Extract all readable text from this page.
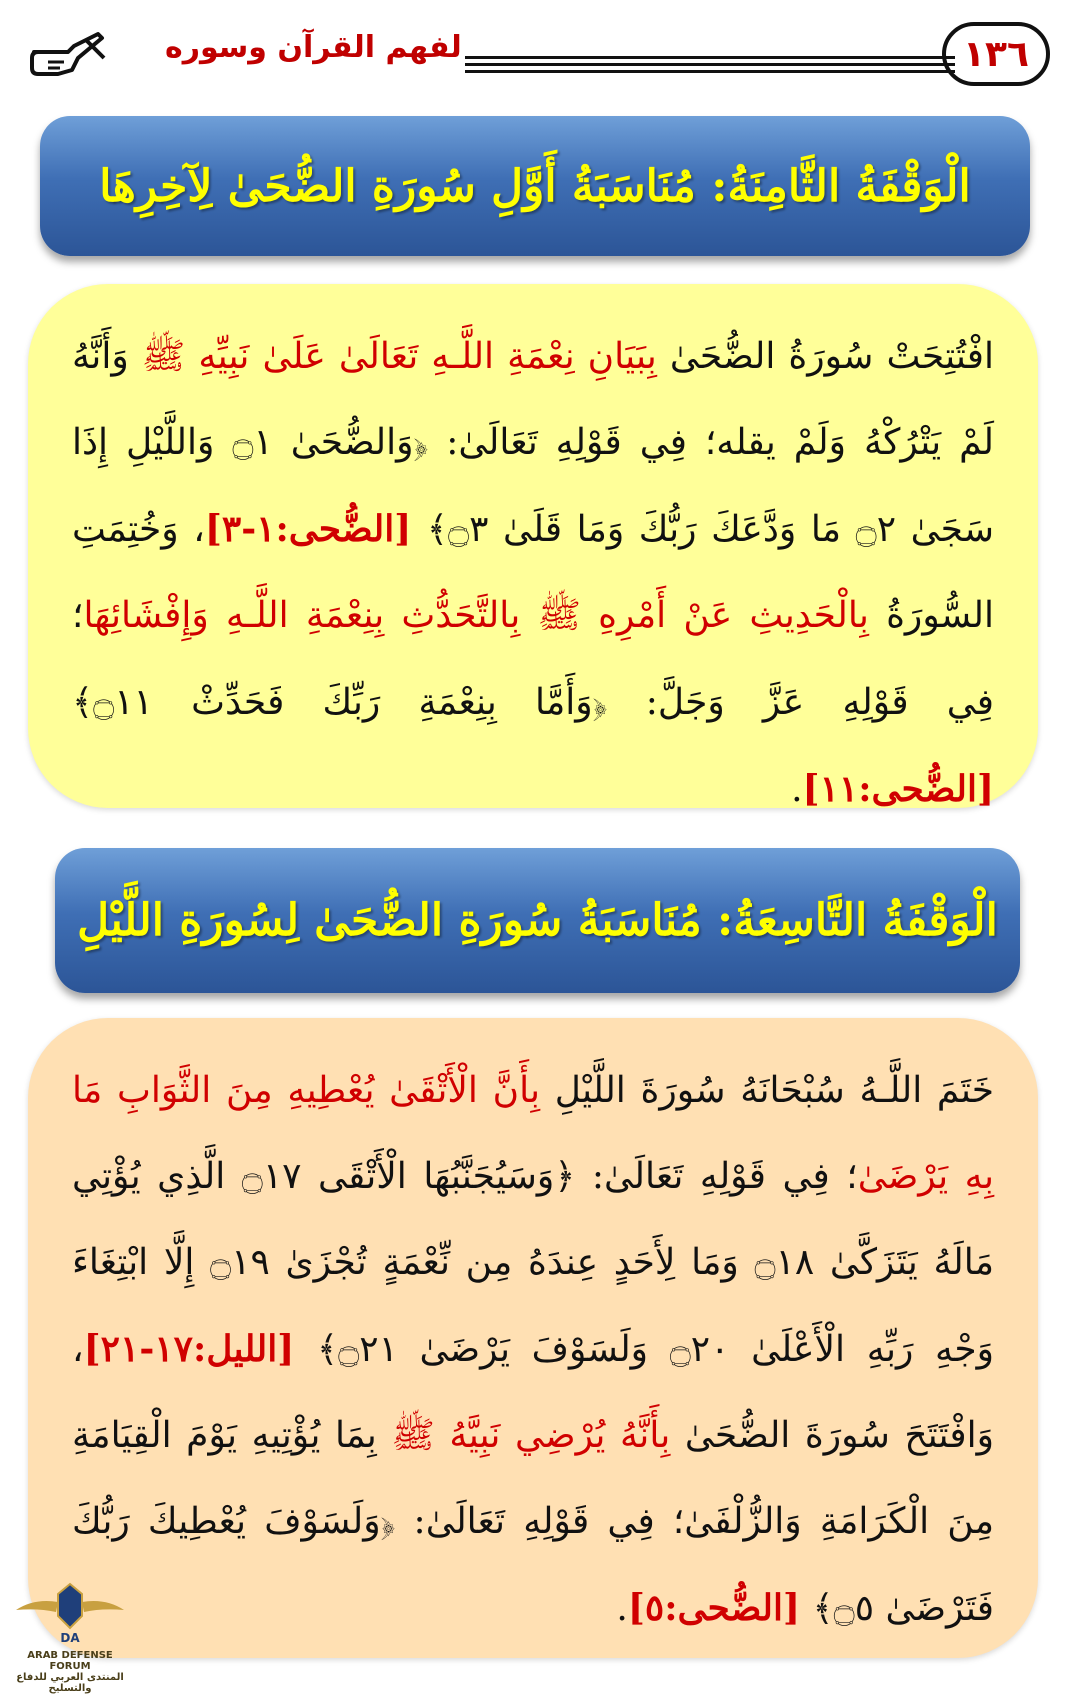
١٣٦
لفهم القرآن وسوره
الْوَقْفَةُ الثَّامِنَةُ: مُنَاسَبَةُ أَوَّلِ سُورَةِ الضُّحَىٰ لِآخِرِهَا
افْتُتِحَتْ سُورَةُ الضُّحَىٰ بِبَيَانِ نِعْمَةِ اللَّـهِ تَعَالَىٰ عَلَىٰ نَبِيِّهِ ﷺ وَأَنَّهُ لَمْ يَتْرُكْهُ وَلَمْ يقله؛ فِي قَوْلِهِ تَعَالَىٰ: ﴿وَالضُّحَىٰ ۝١ وَاللَّيْلِ إِذَا سَجَىٰ ۝٢ مَا وَدَّعَكَ رَبُّكَ وَمَا قَلَىٰ ۝٣﴾ [الضُّحى:١-٣]، وَخُتِمَتِ السُّورَةُ بِالْحَدِيثِ عَنْ أَمْرِهِ ﷺ بِالتَّحَدُّثِ بِنِعْمَةِ اللَّـهِ وَإِفْشَائِهَا؛ فِي قَوْلِهِ عَزَّ وَجَلَّ: ﴿وَأَمَّا بِنِعْمَةِ رَبِّكَ فَحَدِّثْ ۝١١﴾ [الضُّحى:١١].
الْوَقْفَةُ التَّاسِعَةُ: مُنَاسَبَةُ سُورَةِ الضُّحَىٰ لِسُورَةِ اللَّيْلِ
خَتَمَ اللَّـهُ سُبْحَانَهُ سُورَةَ اللَّيْلِ بِأَنَّ الْأَتْقَىٰ يُعْطِيهِ مِنَ الثَّوَابِ مَا بِهِ يَرْضَىٰ؛ فِي قَوْلِهِ تَعَالَىٰ: ﴿وَسَيُجَنَّبُهَا الْأَتْقَى ۝١٧ الَّذِي يُؤْتِي مَالَهُ يَتَزَكَّىٰ ۝١٨ وَمَا لِأَحَدٍ عِندَهُ مِن نِّعْمَةٍ تُجْزَىٰ ۝١٩ إِلَّا ابْتِغَاءَ وَجْهِ رَبِّهِ الْأَعْلَىٰ ۝٢٠ وَلَسَوْفَ يَرْضَىٰ ۝٢١﴾ [الليل:١٧-٢١]، وَافْتَتَحَ سُورَةَ الضُّحَىٰ بِأَنَّهُ يُرْضِي نَبِيَّهُ ﷺ بِمَا يُؤْتِيهِ يَوْمَ الْقِيَامَةِ مِنَ الْكَرَامَةِ وَالزُّلْفَىٰ؛ فِي قَوْلِهِ تَعَالَىٰ: ﴿وَلَسَوْفَ يُعْطِيكَ رَبُّكَ فَتَرْضَىٰ ۝٥﴾ [الضُّحى:٥].
DA
ARAB DEFENSE FORUM
المنتدى العربي للدفاع والتسليح
